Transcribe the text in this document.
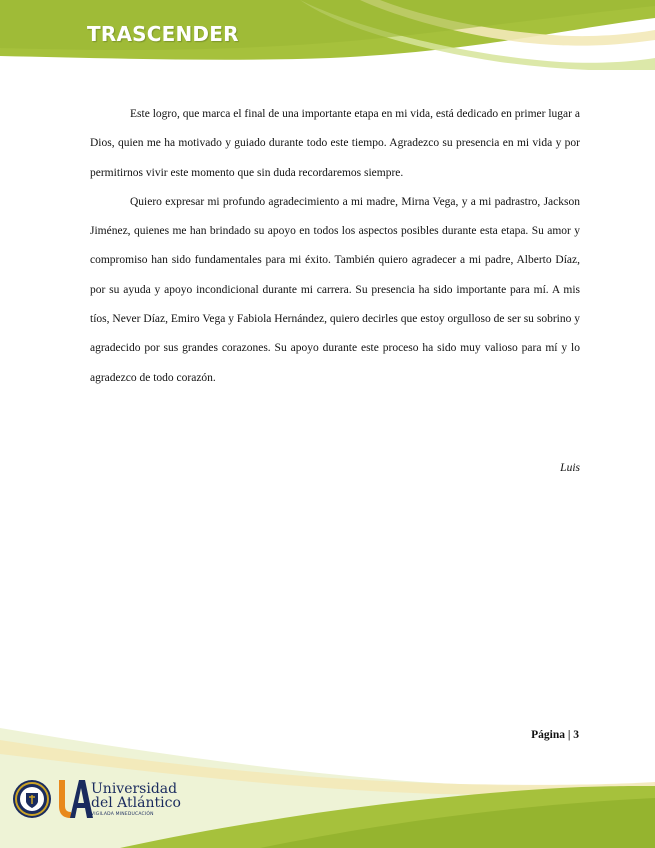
TRASCENDER

Este logro, que marca el final de una importante etapa en mi vida, está dedicado en primer lugar a Dios, quien me ha motivado y guiado durante todo este tiempo. Agradezco su presencia en mi vida y por permitirnos vivir este momento que sin duda recordaremos siempre.

Quiero expresar mi profundo agradecimiento a mi madre, Mirna Vega, y a mi padrastro, Jackson Jiménez, quienes me han brindado su apoyo en todos los aspectos posibles durante esta etapa. Su amor y compromiso han sido fundamentales para mi éxito. También quiero agradecer a mi padre, Alberto Díaz, por su ayuda y apoyo incondicional durante mi carrera. Su presencia ha sido importante para mí. A mis tíos, Never Díaz, Emiro Vega y Fabiola Hernández, quiero decirles que estoy orgulloso de ser su sobrino y agradecido por sus grandes corazones. Su apoyo durante este proceso ha sido muy valioso para mí y lo agradezco de todo corazón.

Luis
Página | 3
Universidad
del Atlántico
VIGILADA MINEDUCACIÓN
